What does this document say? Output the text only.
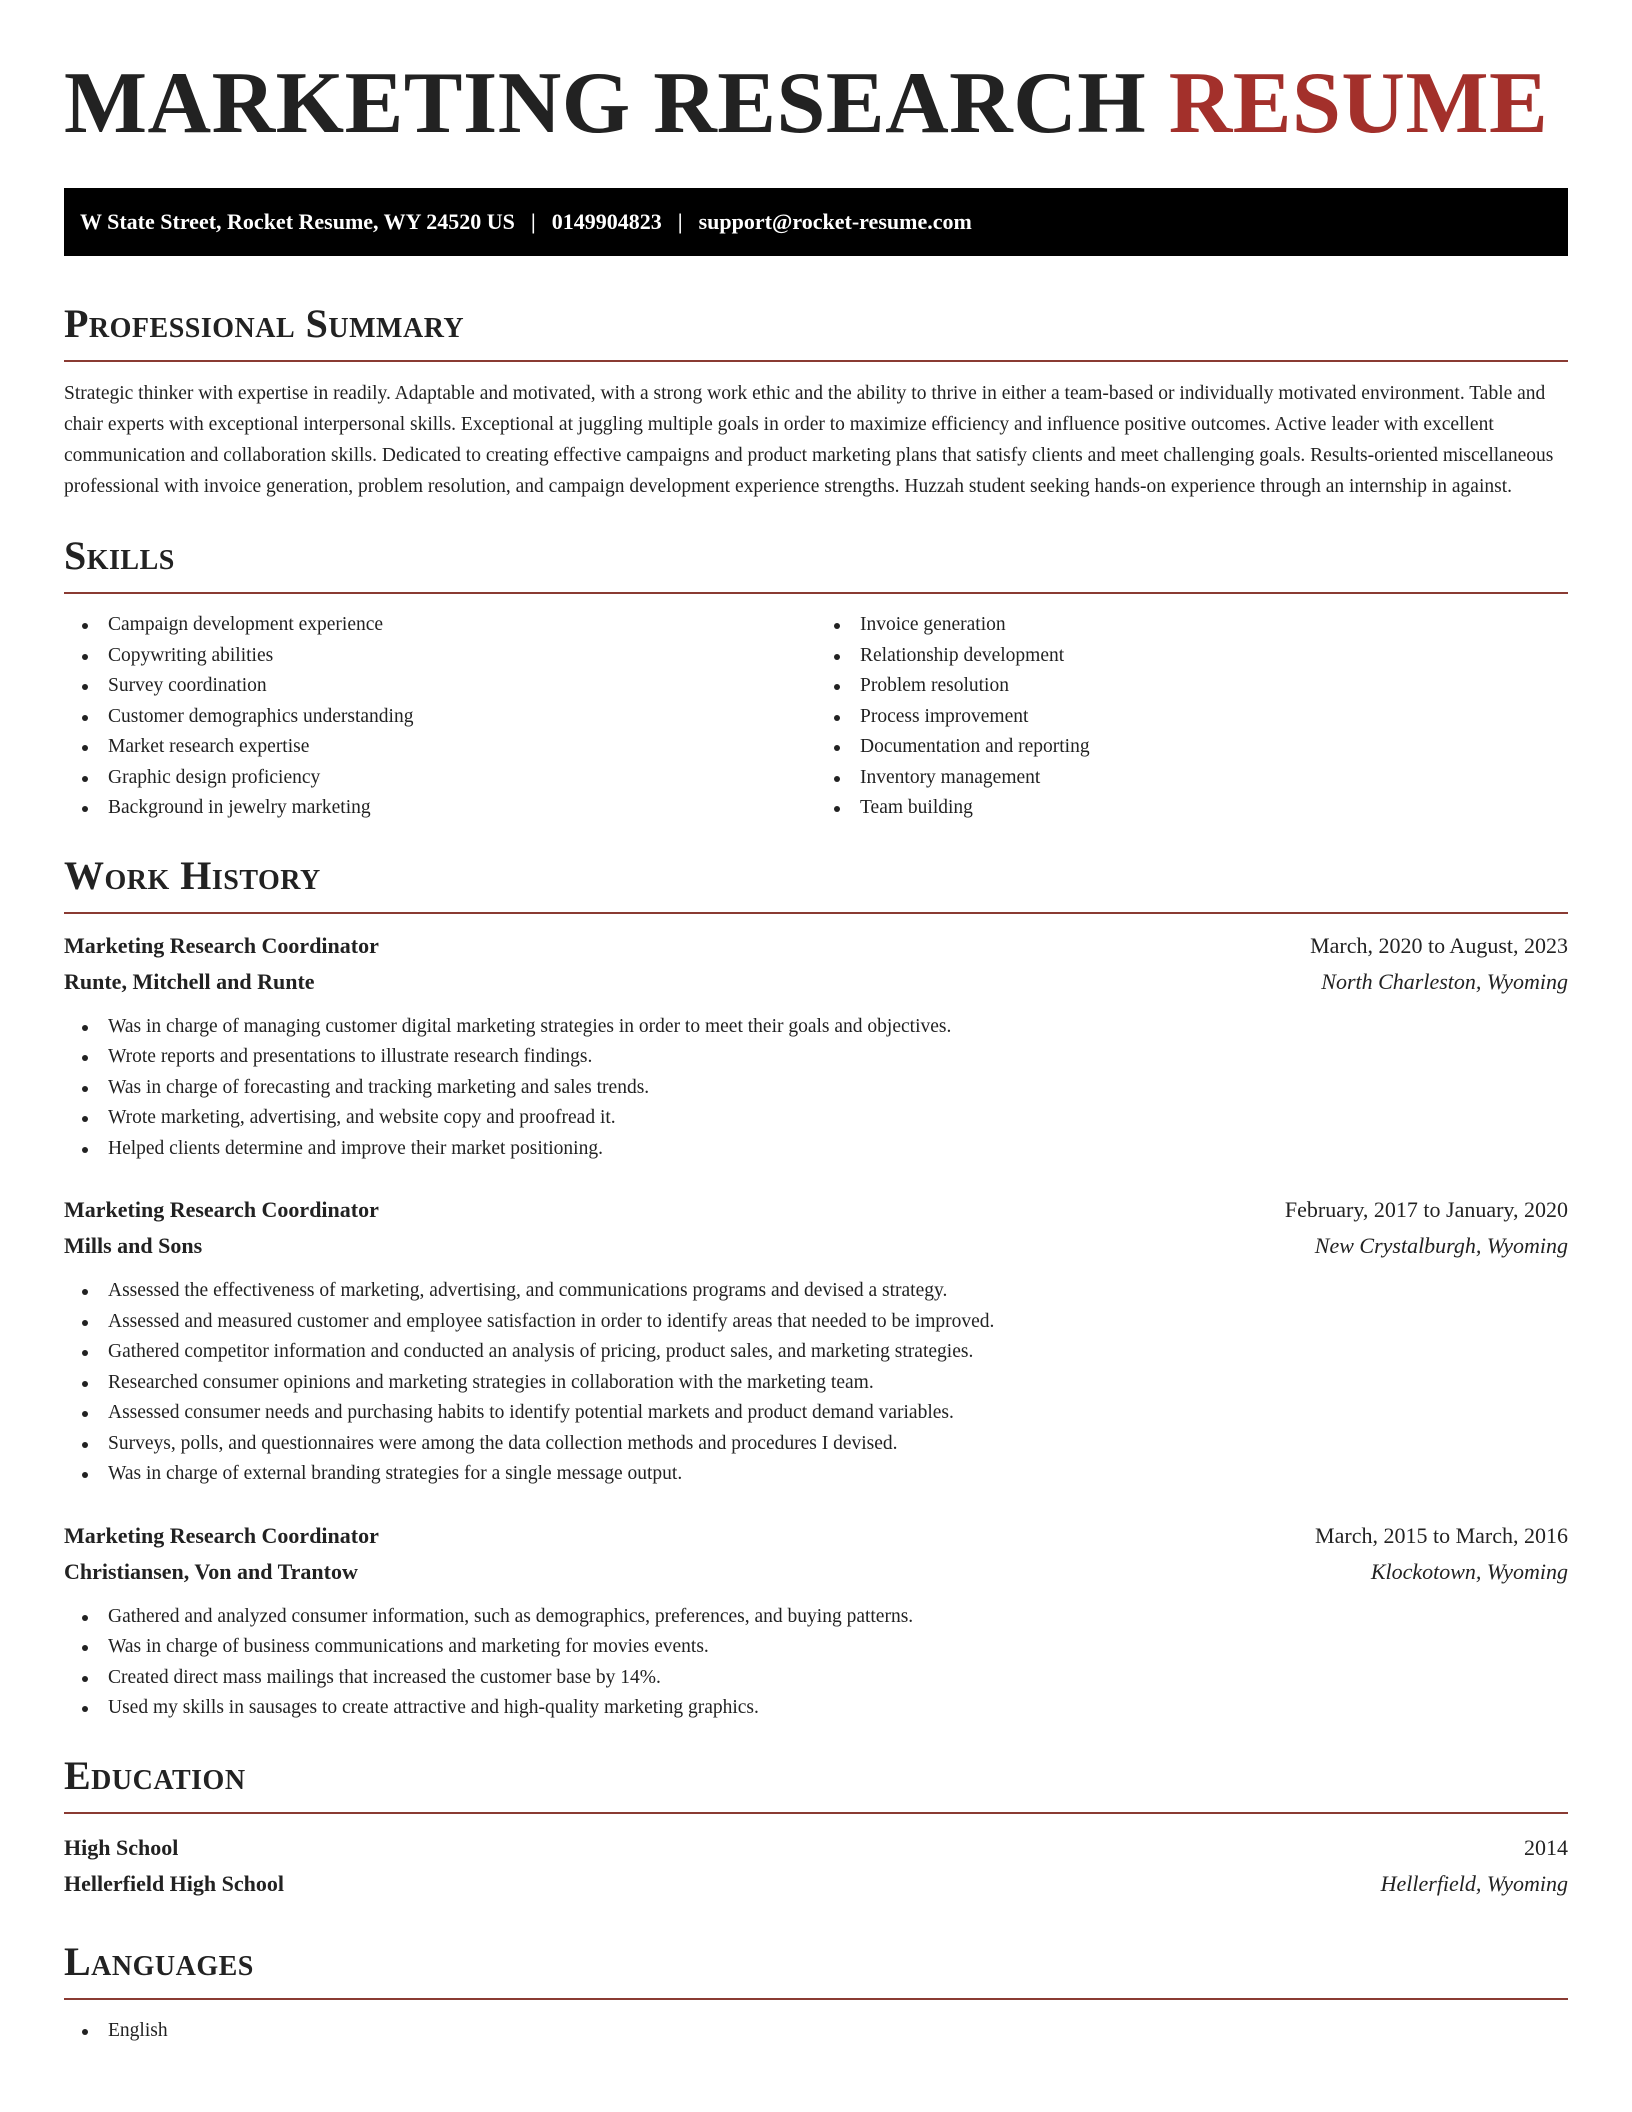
MARKETING RESEARCH RESUME
W State Street, Rocket Resume, WY 24520 US | 0149904823 | support@rocket-resume.com
Professional Summary

Strategic thinker with expertise in readily. Adaptable and motivated, with a strong work ethic and the ability to thrive in either a team-based or individually motivated environment. Table and chair experts with exceptional interpersonal skills. Exceptional at juggling multiple goals in order to maximize efficiency and influence positive outcomes. Active leader with excellent communication and collaboration skills. Dedicated to creating effective campaigns and product marketing plans that satisfy clients and meet challenging goals. Results-oriented miscellaneous professional with invoice generation, problem resolution, and campaign development experience strengths. Huzzah student seeking hands-on experience through an internship in against.

Skills
Campaign development experience
Copywriting abilities
Survey coordination
Customer demographics understanding
Market research expertise
Graphic design proficiency
Background in jewelry marketing
Invoice generation
Relationship development
Problem resolution
Process improvement
Documentation and reporting
Inventory management
Team building
Work History
Marketing Research Coordinator	March, 2020 to August, 2023
Runte, Mitchell and Runte	North Charleston, Wyoming
Was in charge of managing customer digital marketing strategies in order to meet their goals and objectives.
Wrote reports and presentations to illustrate research findings.
Was in charge of forecasting and tracking marketing and sales trends.
Wrote marketing, advertising, and website copy and proofread it.
Helped clients determine and improve their market positioning.
Marketing Research Coordinator	February, 2017 to January, 2020
Mills and Sons	New Crystalburgh, Wyoming
Assessed the effectiveness of marketing, advertising, and communications programs and devised a strategy.
Assessed and measured customer and employee satisfaction in order to identify areas that needed to be improved.
Gathered competitor information and conducted an analysis of pricing, product sales, and marketing strategies.
Researched consumer opinions and marketing strategies in collaboration with the marketing team.
Assessed consumer needs and purchasing habits to identify potential markets and product demand variables.
Surveys, polls, and questionnaires were among the data collection methods and procedures I devised.
Was in charge of external branding strategies for a single message output.
Marketing Research Coordinator	March, 2015 to March, 2016
Christiansen, Von and Trantow	Klockotown, Wyoming
Gathered and analyzed consumer information, such as demographics, preferences, and buying patterns.
Was in charge of business communications and marketing for movies events.
Created direct mass mailings that increased the customer base by 14%.
Used my skills in sausages to create attractive and high-quality marketing graphics.
Education
High School	2014
Hellerfield High School	Hellerfield, Wyoming
Languages
English
